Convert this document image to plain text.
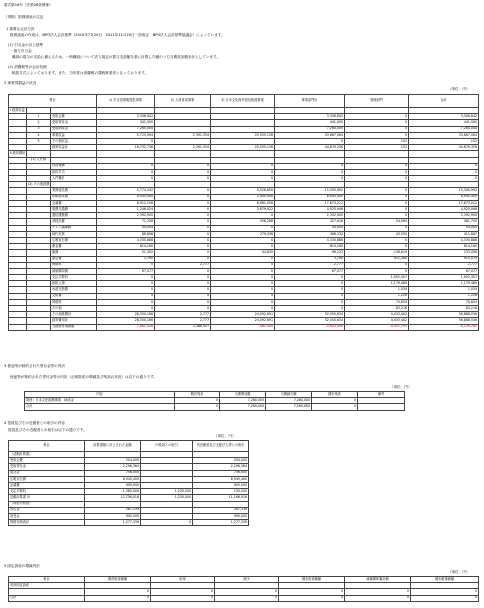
書式第16号（法第28条関係）
（別紙）財務諸表の注記
1 重要な会計方針
財務諸表の作成は、NPO法人会計基準（2010年7月20日　2011年11月20日一部改正　NPO法人会計基準協議会）によっています。
(1) 引当金の計上基準
・賞与引当金
職員の賞与の支給に備えるため、一般職員について法人規定の賞与支給額を基に計算した額のうち当期負担額を計上しています。
(2) 消費税等の会計処理
税抜方式によっております。また、当年度は消費税の課税事業者となっております。
2 事業別損益の状況
（単位：円）
科目			1) 多言語情報提供事業	2) 人材育成事業	3) 日本文化海外発信推進事業	事業部門計	管理部門	合計
Ⅰ 経常収益								
	1	受取会費	3,306,642			3,306,642	0	3,306,642
	2	受取寄付金	441,000			441,000	0	441,000
	3	受取助成金	7,260,000			7,260,000	0	7,260,000
	4	事業収益	5,725,094	2,391,334	25,555,136	33,667,564	0	33,667,564
	5	その他収益	0			0	152	152
		経常収益計	16,732,736	2,391,334	25,555,136	44,679,206	152	44,679,358
Ⅱ 経常費用								
	(1) 人件費							
		役員報酬	0	0	0	0	0	0
		給料手当	0	0	0	0	0	0
		人件費計	0	0	0	0	0	0
	(2) その他経費							
		業務委託費	5,774,342	0	9,526,650	15,300,992	0	15,300,992
		印刷製本費	4,545,400	0	2,400,000	6,945,400	0	6,945,400
		会議費	8,912,156	0	8,961,056	17,873,212	0	17,873,212
		旅費交通費	1,246,024	0	3,679,922	4,925,946	0	4,925,946
		通信運搬費	2,392,900	0	0	2,392,900	0	2,392,900
		消耗品費	71,328	0	356,288	427,616	54,084	481,700
		ゲスト講師費	54,004	0	0	54,004	0	54,004
		地代家賃	88,896	0	279,436	368,332	43,555	411,887
		広報宣伝費	4,330,888	0	0	4,330,888	0	4,330,888
		謝金費	814,160	0	0	814,160	0	814,160
		雑費	51,402	0	44,835	96,237	136,819	233,056
		諸会費	3,790	0	0	3,790	911,280	915,070
		保険料	0	2,777	0	2,777	0	2,777
		減価償却費	67,077	0	0	67,077	0	67,077
		支払手数料	0	0	0	0	1,952,457	1,952,457
		租税公課	0	0	0	0	1,179,489	1,179,489
		水道光熱費	0	0	0	0	1,030	1,030
		交際費	0	0	0	0	1,226	1,226
		賃借料	0	0	0	0	70,604	70,604
		その他	0	0	0	0	83,216	83,216
		その他経費計	28,350,166	2,777	24,092,691	52,450,634	4,433,402	56,888,036
		経常費用計	28,350,166	2,777	24,092,691	52,450,634	4,433,402	56,888,036
		当期経常増減額	-7,661,428	2,388,557	-562,445	-4,603,490	-4,451,793	-9,139,283
3 使途等が制約された寄付金等の内訳
使途等が制約された寄付金等の内訳（正味財産の増減及び残高の状況）は以下の通りです。
（単位：円）
内容	期首残高	当期増加額	当期減少額	期末残高	備考
財団）日本文化振興事業　助成金	0	7,260,000	7,260,000	0	
合計	0	7,260,000	7,260,000	0	
4 役員及びその近親者との取引の内容
役員及びその近親者との取引は以下の通りです。
（単位：円）
科目	計算書類に計上された金額	内役員との取引	内近親者及び支配法人等との取引
（活動計算書）			
受取会費	204,000		204,000
受取寄付金	2,296,364		2,296,364
委託金	756,000		756,000
広報宣伝費	6,945,400		6,945,400
会議費	900,000		900,000
支払手数料	1,365,000	1,230,000	135,000
活動計算書 計	12,756,018	1,230,000	11,166,018
（貸借対照表）			
未払金	287,339		287,339
前受金	990,000		990,000
貸借対照表計	1,277,339	0	1,277,339
5 固定資産の増減内訳
（単位：円）
科目	期首取得価額	取得	減少	期末取得価額	減価償却累計額	期末帳簿価額
有形固定資産						
	0	0	0	0	0	0
合計	0	0	0	0	0	0
